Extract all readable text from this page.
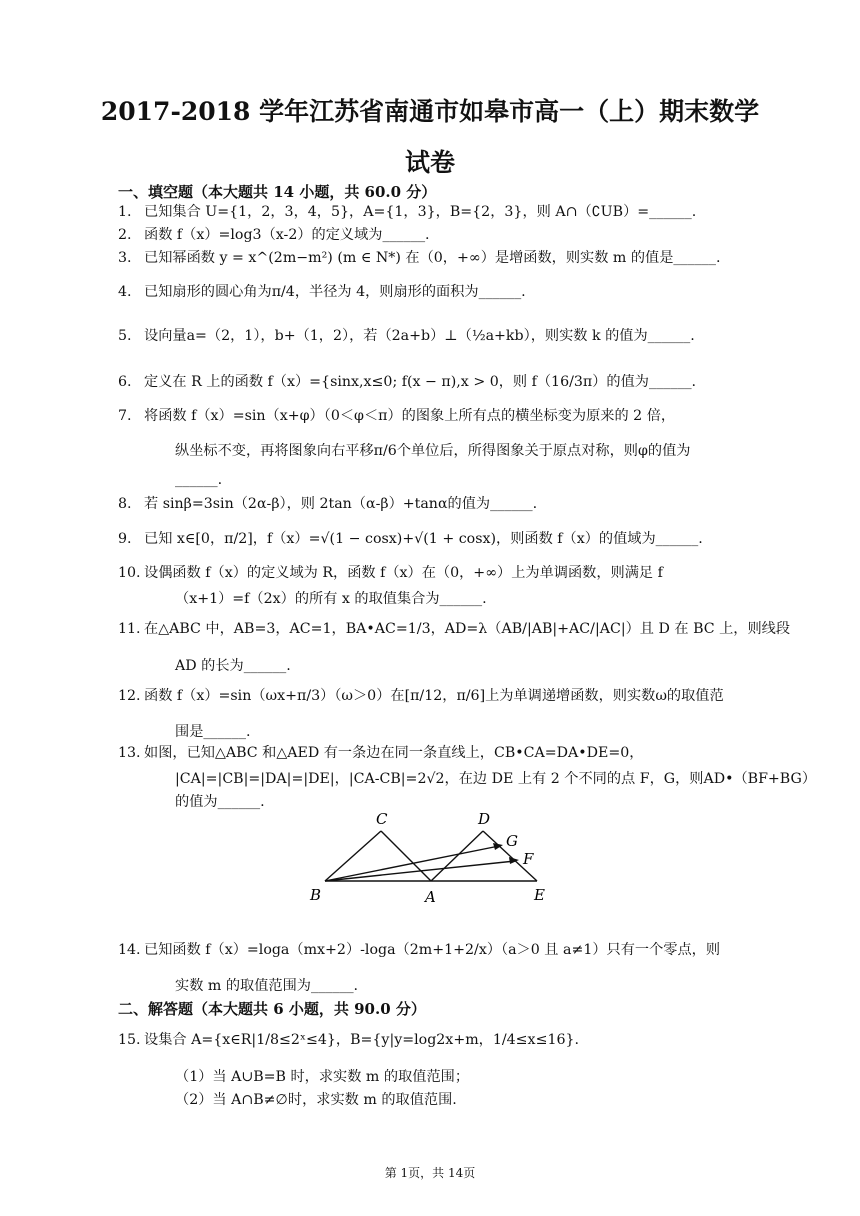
2017-2018 学年江苏省南通市如皋市高一（上）期末数学
试卷
一、填空题（本大题共 14 小题，共 60.0 分）
1. 已知集合 U={1，2，3，4，5}，A={1，3}，B={2，3}，则 A∩（∁UB）=______.
2. 函数 f（x）=log3（x-2）的定义域为______.
3. 已知幂函数 y = x^(2m−m²) (m ∈ N*) 在（0，+∞）是增函数，则实数 m 的值是______.
4. 已知扇形的圆心角为π/4，半径为 4，则扇形的面积为______.
5. 设向量a=（2，1），b+（1，2），若（2a+b）⊥（½a+kb），则实数 k 的值为______.
6. 定义在 R 上的函数 f（x）={sinx,x≤0; f(x − π),x > 0，则 f（16/3π）的值为______.
7. 将函数 f（x）=sin（x+φ）（0＜φ＜π）的图象上所有点的横坐标变为原来的 2 倍，
纵坐标不变，再将图象向右平移π/6个单位后，所得图象关于原点对称，则φ的值为
______.
8. 若 sinβ=3sin（2α-β），则 2tan（α-β）+tanα的值为______.
9. 已知 x∈[0，π/2]，f（x）=√(1 − cosx)+√(1 + cosx)，则函数 f（x）的值域为______.
10. 设偶函数 f（x）的定义域为 R，函数 f（x）在（0，+∞）上为单调函数，则满足 f
（x+1）=f（2x）的所有 x 的取值集合为______.
11. 在△ABC 中，AB=3，AC=1，BA•AC=1/3，AD=λ（AB/|AB|+AC/|AC|）且 D 在 BC 上，则线段
AD 的长为______.
12. 函数 f（x）=sin（ωx+π/3）（ω＞0）在[π/12，π/6]上为单调递增函数，则实数ω的取值范
围是______.
13. 如图，已知△ABC 和△AED 有一条边在同一条直线上，CB•CA=DA•DE=0，
|CA|=|CB|=|DA|=|DE|，|CA-CB|=2√2，在边 DE 上有 2 个不同的点 F，G，则AD•（BF+BG）
的值为______.
C	D
G
F
B	A	E
14. 已知函数 f（x）=loga（mx+2）-loga（2m+1+2/x）（a＞0 且 a≠1）只有一个零点，则
实数 m 的取值范围为______.
二、解答题（本大题共 6 小题，共 90.0 分）
15. 设集合 A={x∈R|1/8≤2ˣ≤4}，B={y|y=log2x+m，1/4≤x≤16}.
（1）当 A∪B=B 时，求实数 m 的取值范围；
（2）当 A∩B≠∅时，求实数 m 的取值范围.
第 1页，共 14页
